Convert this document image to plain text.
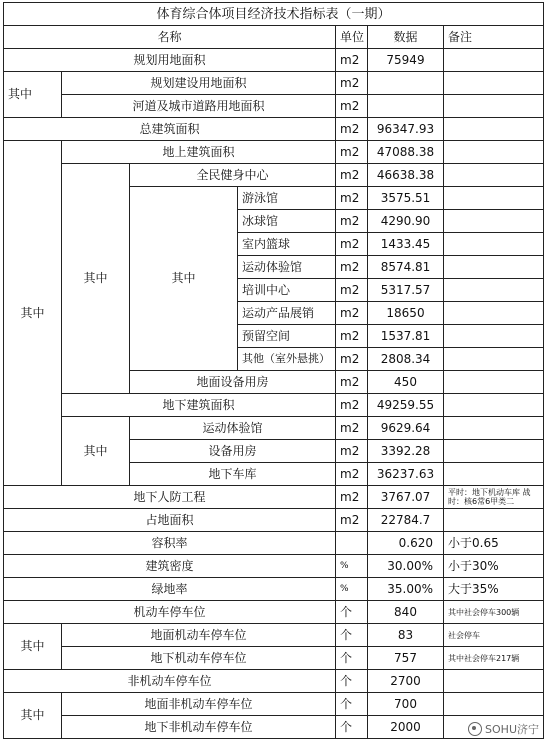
体育综合体项目经济技术指标表（一期）						
名称				单位	数据	备注
规划用地面积				m2	75949	
其中	规划建设用地面积			m2		
	河道及城市道路用地面积			m2		
总建筑面积				m2	96347.93	
其中	地上建筑面积			m2	47088.38	
	其中	全民健身中心		m2	46638.38	
		其中	游泳馆	m2	3575.51	
			冰球馆	m2	4290.90	
			室内篮球	m2	1433.45	
			运动体验馆	m2	8574.81	
			培训中心	m2	5317.57	
			运动产品展销	m2	18650	
			预留空间	m2	1537.81	
			其他（室外悬挑）	m2	2808.34	
		地面设备用房		m2	450	
	地下建筑面积			m2	49259.55	
	其中	运动体验馆		m2	9629.64	
		设备用房		m2	3392.28	
		地下车库		m2	36237.63	
地下人防工程				m2	3767.07	平时：地下机动车库 战时：核6常6甲类二
占地面积				m2	22784.7	
容积率					0.620	小于0.65
建筑密度				%	30.00%	小于30%
绿地率				%	35.00%	大于35%
机动车停车位				个	840	其中社会停车300辆
其中	地面机动车停车位			个	83	社会停车
	地下机动车停车位			个	757	其中社会停车217辆
非机动车停车位				个	2700	
其中	地面非机动车停车位			个	700	
	地下非机动车停车位			个	2000		SOHU济宁
